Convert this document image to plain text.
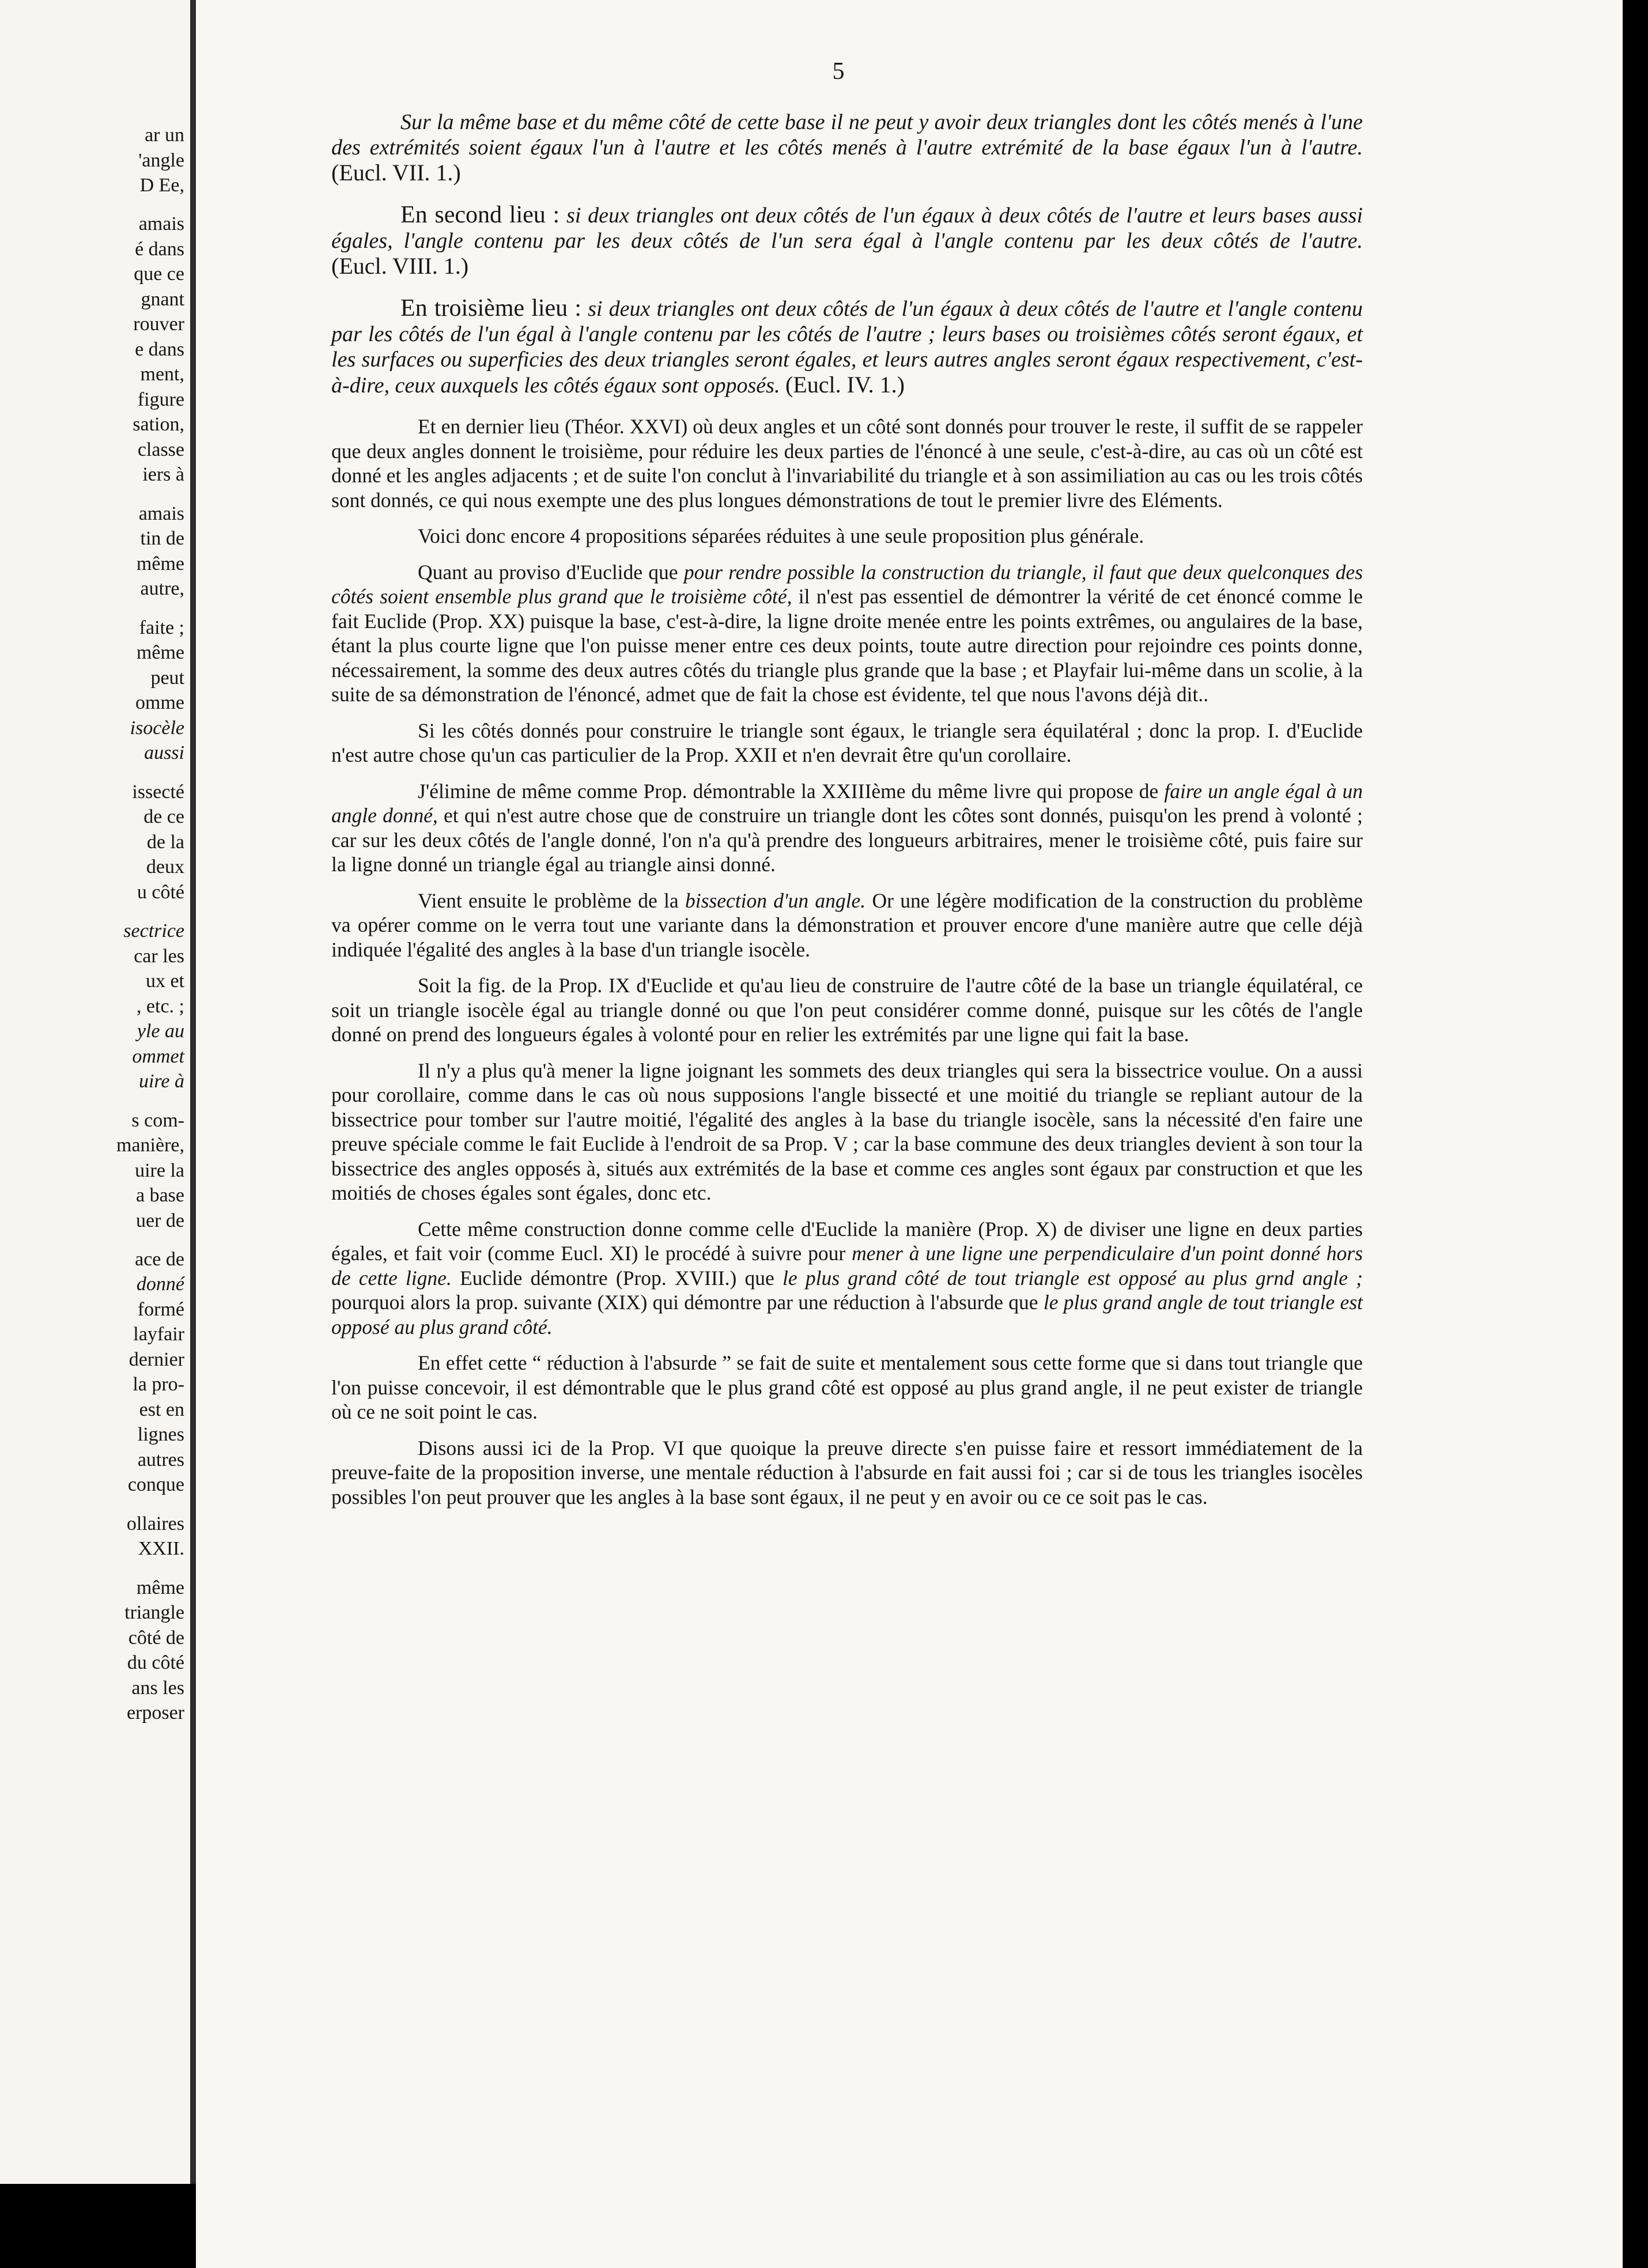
ar un
'angle
D Ee,
amais
é dans
que ce
gnant
rouver
e dans
ment,
figure
sation,
classe
iers à
amais
tin de
même
autre,
faite ;
même
peut
omme
isocèle
aussi
issecté
de ce
de la
deux
u côté
sectrice
car les
ux et
, etc. ;
yle au
ommet
uire à
s com-
manière,
uire la
a base
uer de
ace de
donné
formé
layfair
dernier
la pro-
est en
lignes
autres
conque
ollaires
XXII.
même
triangle
côté de
du côté
ans les
erposer
5

Sur la même base et du même côté de cette base il ne peut y avoir deux triangles dont les côtés menés à l'une des extrémités soient égaux l'un à l'autre et les côtés menés à l'autre extrémité de la base égaux l'un à l'autre. (Eucl. VII. 1.)

En second lieu : si deux triangles ont deux côtés de l'un égaux à deux côtés de l'autre et leurs bases aussi égales, l'angle contenu par les deux côtés de l'un sera égal à l'angle contenu par les deux côtés de l'autre. (Eucl. VIII. 1.)

En troisième lieu : si deux triangles ont deux côtés de l'un égaux à deux côtés de l'autre et l'angle contenu par les côtés de l'un égal à l'angle contenu par les côtés de l'autre ; leurs bases ou troisièmes côtés seront égaux, et les surfaces ou superficies des deux triangles seront égales, et leurs autres angles seront égaux respectivement, c'est-à-dire, ceux auxquels les côtés égaux sont opposés. (Eucl. IV. 1.)

Et en dernier lieu (Théor. XXVI) où deux angles et un côté sont donnés pour trouver le reste, il suffit de se rappeler que deux angles donnent le troisième, pour réduire les deux parties de l'énoncé à une seule, c'est-à-dire, au cas où un côté est donné et les angles adjacents ; et de suite l'on conclut à l'invariabilité du triangle et à son assimiliation au cas ou les trois côtés sont donnés, ce qui nous exempte une des plus longues démonstrations de tout le premier livre des Eléments.

Voici donc encore 4 propositions séparées réduites à une seule proposition plus générale.

Quant au proviso d'Euclide que pour rendre possible la construction du triangle, il faut que deux quelconques des côtés soient ensemble plus grand que le troisième côté, il n'est pas essentiel de démontrer la vérité de cet énoncé comme le fait Euclide (Prop. XX) puisque la base, c'est-à-dire, la ligne droite menée entre les points extrêmes, ou angulaires de la base, étant la plus courte ligne que l'on puisse mener entre ces deux points, toute autre direction pour rejoindre ces points donne, nécessairement, la somme des deux autres côtés du triangle plus grande que la base ; et Playfair lui-même dans un scolie, à la suite de sa démonstration de l'énoncé, admet que de fait la chose est évidente, tel que nous l'avons déjà dit..

Si les côtés donnés pour construire le triangle sont égaux, le triangle sera équilatéral ; donc la prop. I. d'Euclide n'est autre chose qu'un cas particulier de la Prop. XXII et n'en devrait être qu'un corollaire.

J'élimine de même comme Prop. démontrable la XXIIIème du même livre qui propose de faire un angle égal à un angle donné, et qui n'est autre chose que de construire un triangle dont les côtes sont donnés, puisqu'on les prend à volonté ; car sur les deux côtés de l'angle donné, l'on n'a qu'à prendre des longueurs arbitraires, mener le troisième côté, puis faire sur la ligne donné un triangle égal au triangle ainsi donné.

Vient ensuite le problème de la bissection d'un angle. Or une légère modification de la construction du problème va opérer comme on le verra tout une variante dans la démonstration et prouver encore d'une manière autre que celle déjà indiquée l'égalité des angles à la base d'un triangle isocèle.

Soit la fig. de la Prop. IX d'Euclide et qu'au lieu de construire de l'autre côté de la base un triangle équilatéral, ce soit un triangle isocèle égal au triangle donné ou que l'on peut considérer comme donné, puisque sur les côtés de l'angle donné on prend des longueurs égales à volonté pour en relier les extrémités par une ligne qui fait la base.

Il n'y a plus qu'à mener la ligne joignant les sommets des deux triangles qui sera la bissectrice voulue. On a aussi pour corollaire, comme dans le cas où nous supposions l'angle bissecté et une moitié du triangle se repliant autour de la bissectrice pour tomber sur l'autre moitié, l'égalité des angles à la base du triangle isocèle, sans la nécessité d'en faire une preuve spéciale comme le fait Euclide à l'endroit de sa Prop. V ; car la base commune des deux triangles devient à son tour la bissectrice des angles opposés à, situés aux extrémités de la base et comme ces angles sont égaux par construction et que les moitiés de choses égales sont égales, donc etc.

Cette même construction donne comme celle d'Euclide la manière (Prop. X) de diviser une ligne en deux parties égales, et fait voir (comme Eucl. XI) le procédé à suivre pour mener à une ligne une perpendiculaire d'un point donné hors de cette ligne. Euclide démontre (Prop. XVIII.) que le plus grand côté de tout triangle est opposé au plus grnd angle ; pourquoi alors la prop. suivante (XIX) qui démontre par une réduction à l'absurde que le plus grand angle de tout triangle est opposé au plus grand côté.

En effet cette “ réduction à l'absurde ” se fait de suite et mentalement sous cette forme que si dans tout triangle que l'on puisse concevoir, il est démontrable que le plus grand côté est opposé au plus grand angle, il ne peut exister de triangle où ce ne soit point le cas.

Disons aussi ici de la Prop. VI que quoique la preuve directe s'en puisse faire et ressort immédiatement de la preuve-faite de la proposition inverse, une mentale réduction à l'absurde en fait aussi foi ; car si de tous les triangles isocèles possibles l'on peut prouver que les angles à la base sont égaux, il ne peut y en avoir ou ce ce soit pas le cas.
